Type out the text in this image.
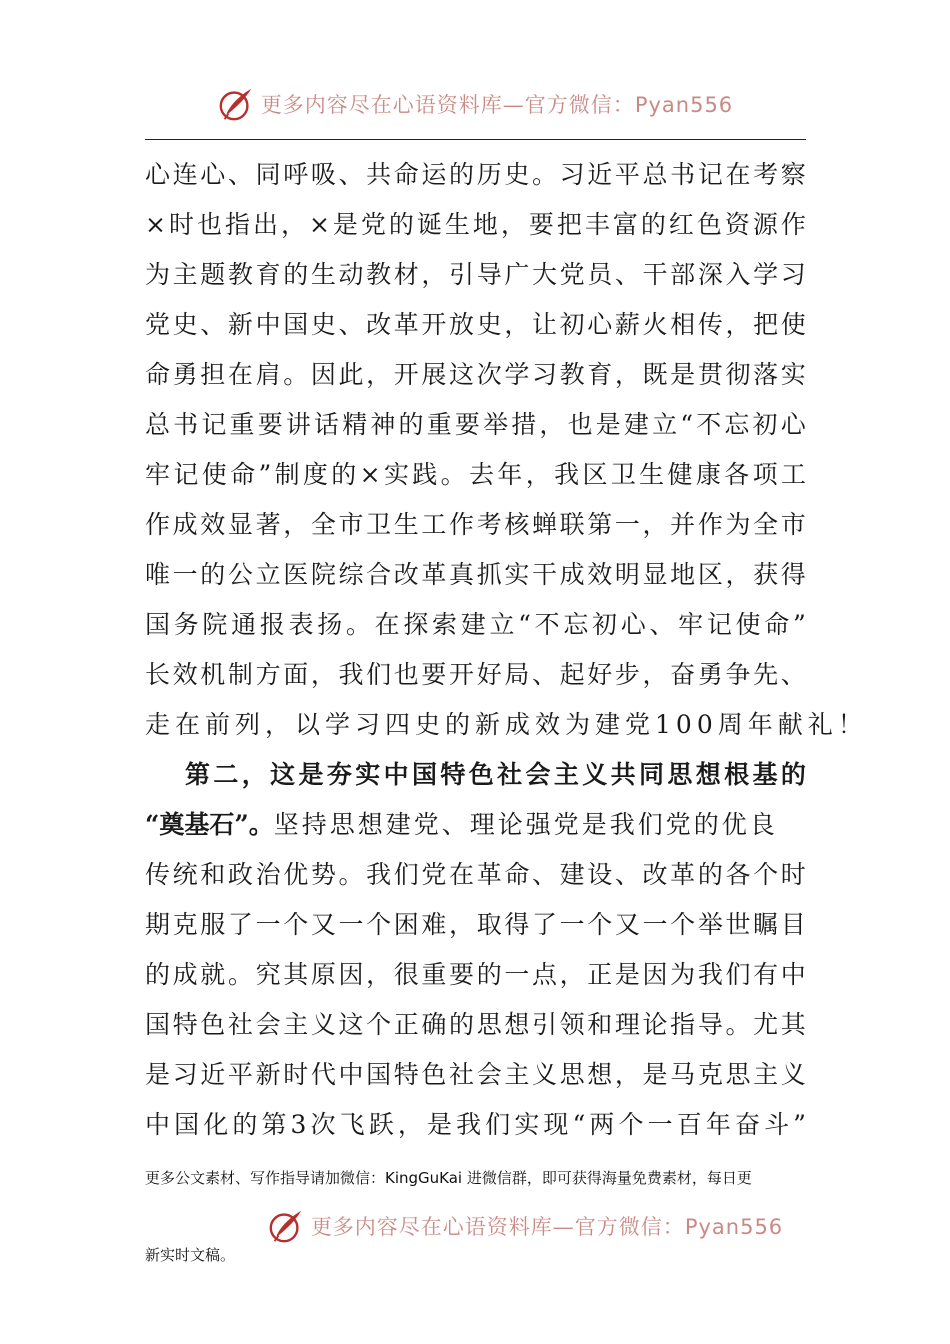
更多内容尽在心语资料库—官方微信：Pyan556
心 连 心 、 同 呼 吸 、 共 命 运 的 历 史 。 习 近 平 总 书 记 在 考 察
× 时 也 指 出 ， × 是 党 的 诞 生 地 ， 要 把 丰 富 的 红 色 资 源 作
为 主 题 教 育 的 生 动 教 材 ， 引 导 广 大 党 员 、 干 部 深 入 学 习
党 史 、 新 中 国 史 、 改 革 开 放 史 ， 让 初 心 薪 火 相 传 ， 把 使
命 勇 担 在 肩 。 因 此 ， 开 展 这 次 学 习 教 育 ， 既 是 贯 彻 落 实
总 书 记 重 要 讲 话 精 神 的 重 要 举 措 ， 也 是 建 立 “ 不 忘 初 心
牢 记 使 命 ” 制 度 的 × 实 践 。 去 年 ， 我 区 卫 生 健 康 各 项 工
作 成 效 显 著 ， 全 市 卫 生 工 作 考 核 蝉 联 第 一 ， 并 作 为 全 市
唯 一 的 公 立 医 院 综 合 改 革 真 抓 实 干 成 效 明 显 地 区 ， 获 得
国 务 院 通 报 表 扬 。 在 探 索 建 立 “ 不 忘 初 心 、 牢 记 使 命 ”
长 效 机 制 方 面 ， 我 们 也 要 开 好 局 、 起 好 步 ， 奋 勇 争 先 、
走在前列，以学习四史的新成效为建党100周年献礼！
第 二 ， 这 是 夯 实 中 国 特 色 社 会 主 义 共 同 思 想 根 基 的
“奠基石”。 坚持思想建党、理论强党是我们党的优良
传 统 和 政 治 优 势 。 我 们 党 在 革 命 、 建 设 、 改 革 的 各 个 时
期 克 服 了 一 个 又 一 个 困 难 ， 取 得 了 一 个 又 一 个 举 世 瞩 目
的 成 就 。 究 其 原 因 ， 很 重 要 的 一 点 ， 正 是 因 为 我 们 有 中
国 特 色 社 会 主 义 这 个 正 确 的 思 想 引 领 和 理 论 指 导 。 尤 其
是 习 近 平 新 时 代 中 国 特 色 社 会 主 义 思 想 ， 是 马 克 思 主 义
中 国 化 的 第 3 次 飞 跃 ， 是 我 们 实 现 “ 两 个 一 百 年 奋 斗 ”
更多公文素材、写作指导请加微信：KingGuKai 进微信群，即可获得海量免费素材，每日更
更多内容尽在心语资料库—官方微信：Pyan556
新实时文稿。
